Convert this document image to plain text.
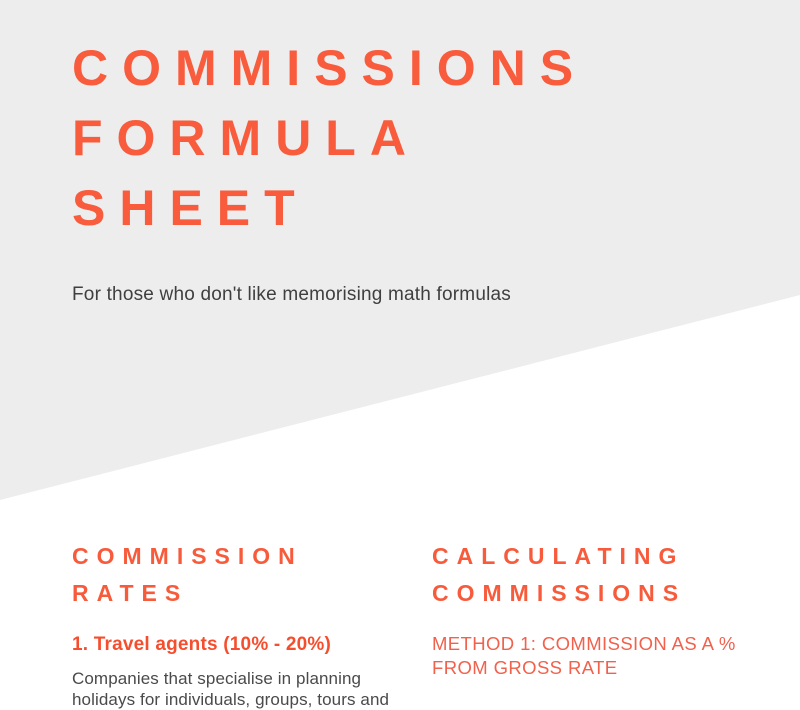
COMMISSIONS
FORMULA
SHEET

For those who don't like memorising math formulas

COMMISSION
RATES
1. Travel agents (10% - 20%)

Companies that specialise in planning
holidays for individuals, groups, tours and

CALCULATING
COMMISSIONS
METHOD 1: COMMISSION AS A %
FROM GROSS RATE
